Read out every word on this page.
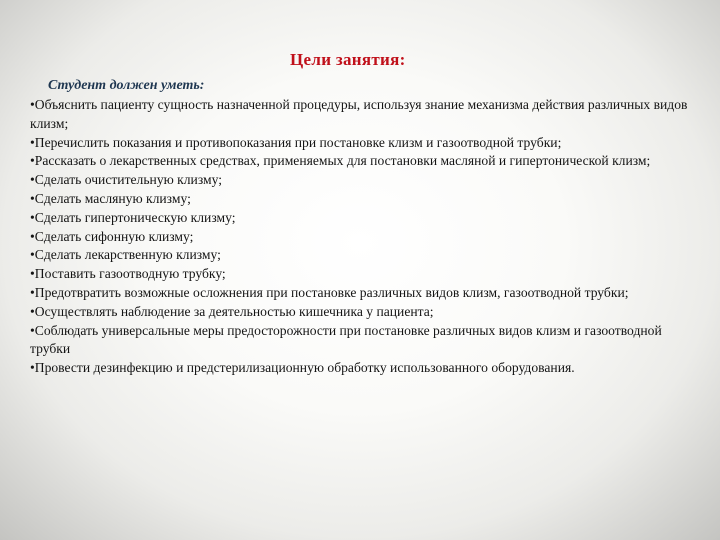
Цели занятия:
Студент должен уметь:
•Объяснить пациенту сущность назначенной процедуры, используя знание механизма действия различных видов клизм;
•Перечислить показания и противопоказания при постановке клизм и газоотводной трубки;
•Рассказать о лекарственных средствах, применяемых для постановки масляной и гипертонической клизм;
•Сделать очистительную клизму;
•Сделать масляную клизму;
•Сделать гипертоническую клизму;
•Сделать сифонную клизму;
•Сделать лекарственную клизму;
•Поставить газоотводную трубку;
•Предотвратить возможные осложнения при постановке различных видов клизм, газоотводной трубки;
•Осуществлять наблюдение за деятельностью кишечника у пациента;
•Соблюдать универсальные меры предосторожности при постановке различных видов клизм и газоотводной трубки
•Провести дезинфекцию и предстерилизационную обработку использованного оборудования.
